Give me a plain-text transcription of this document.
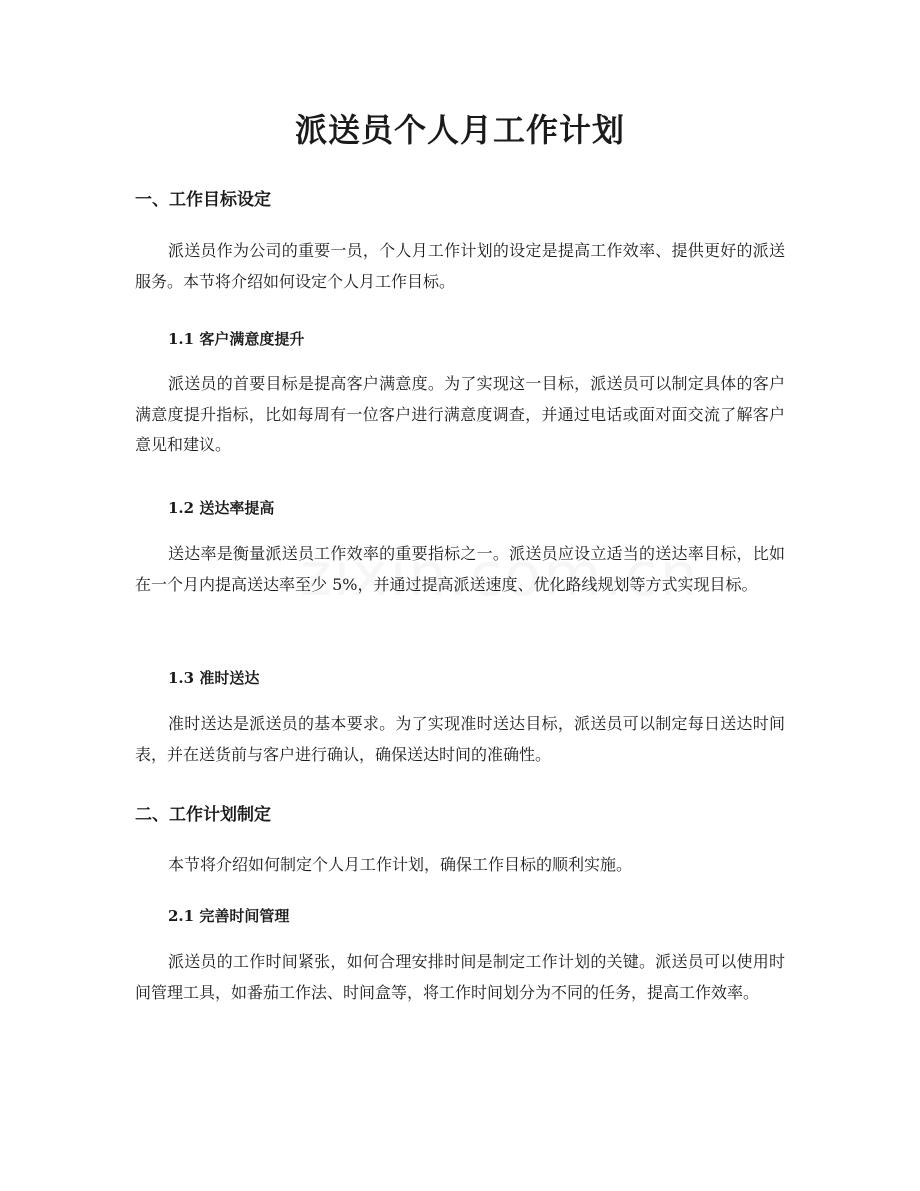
派送员个人月工作计划
一、工作目标设定

派送员作为公司的重要一员，个人月工作计划的设定是提高工作效率、提供更好的派送服务。本节将介绍如何设定个人月工作目标。

1.1 客户满意度提升

派送员的首要目标是提高客户满意度。为了实现这一目标，派送员可以制定具体的客户满意度提升指标，比如每周有一位客户进行满意度调查，并通过电话或面对面交流了解客户意见和建议。

1.2 送达率提高

送达率是衡量派送员工作效率的重要指标之一。派送员应设立适当的送达率目标，比如在一个月内提高送达率至少 5%，并通过提高派送速度、优化路线规划等方式实现目标。

1.3 准时送达

准时送达是派送员的基本要求。为了实现准时送达目标，派送员可以制定每日送达时间表，并在送货前与客户进行确认，确保送达时间的准确性。

二、工作计划制定

本节将介绍如何制定个人月工作计划，确保工作目标的顺利实施。

2.1 完善时间管理

派送员的工作时间紧张，如何合理安排时间是制定工作计划的关键。派送员可以使用时间管理工具，如番茄工作法、时间盒等，将工作时间划分为不同的任务，提高工作效率。
